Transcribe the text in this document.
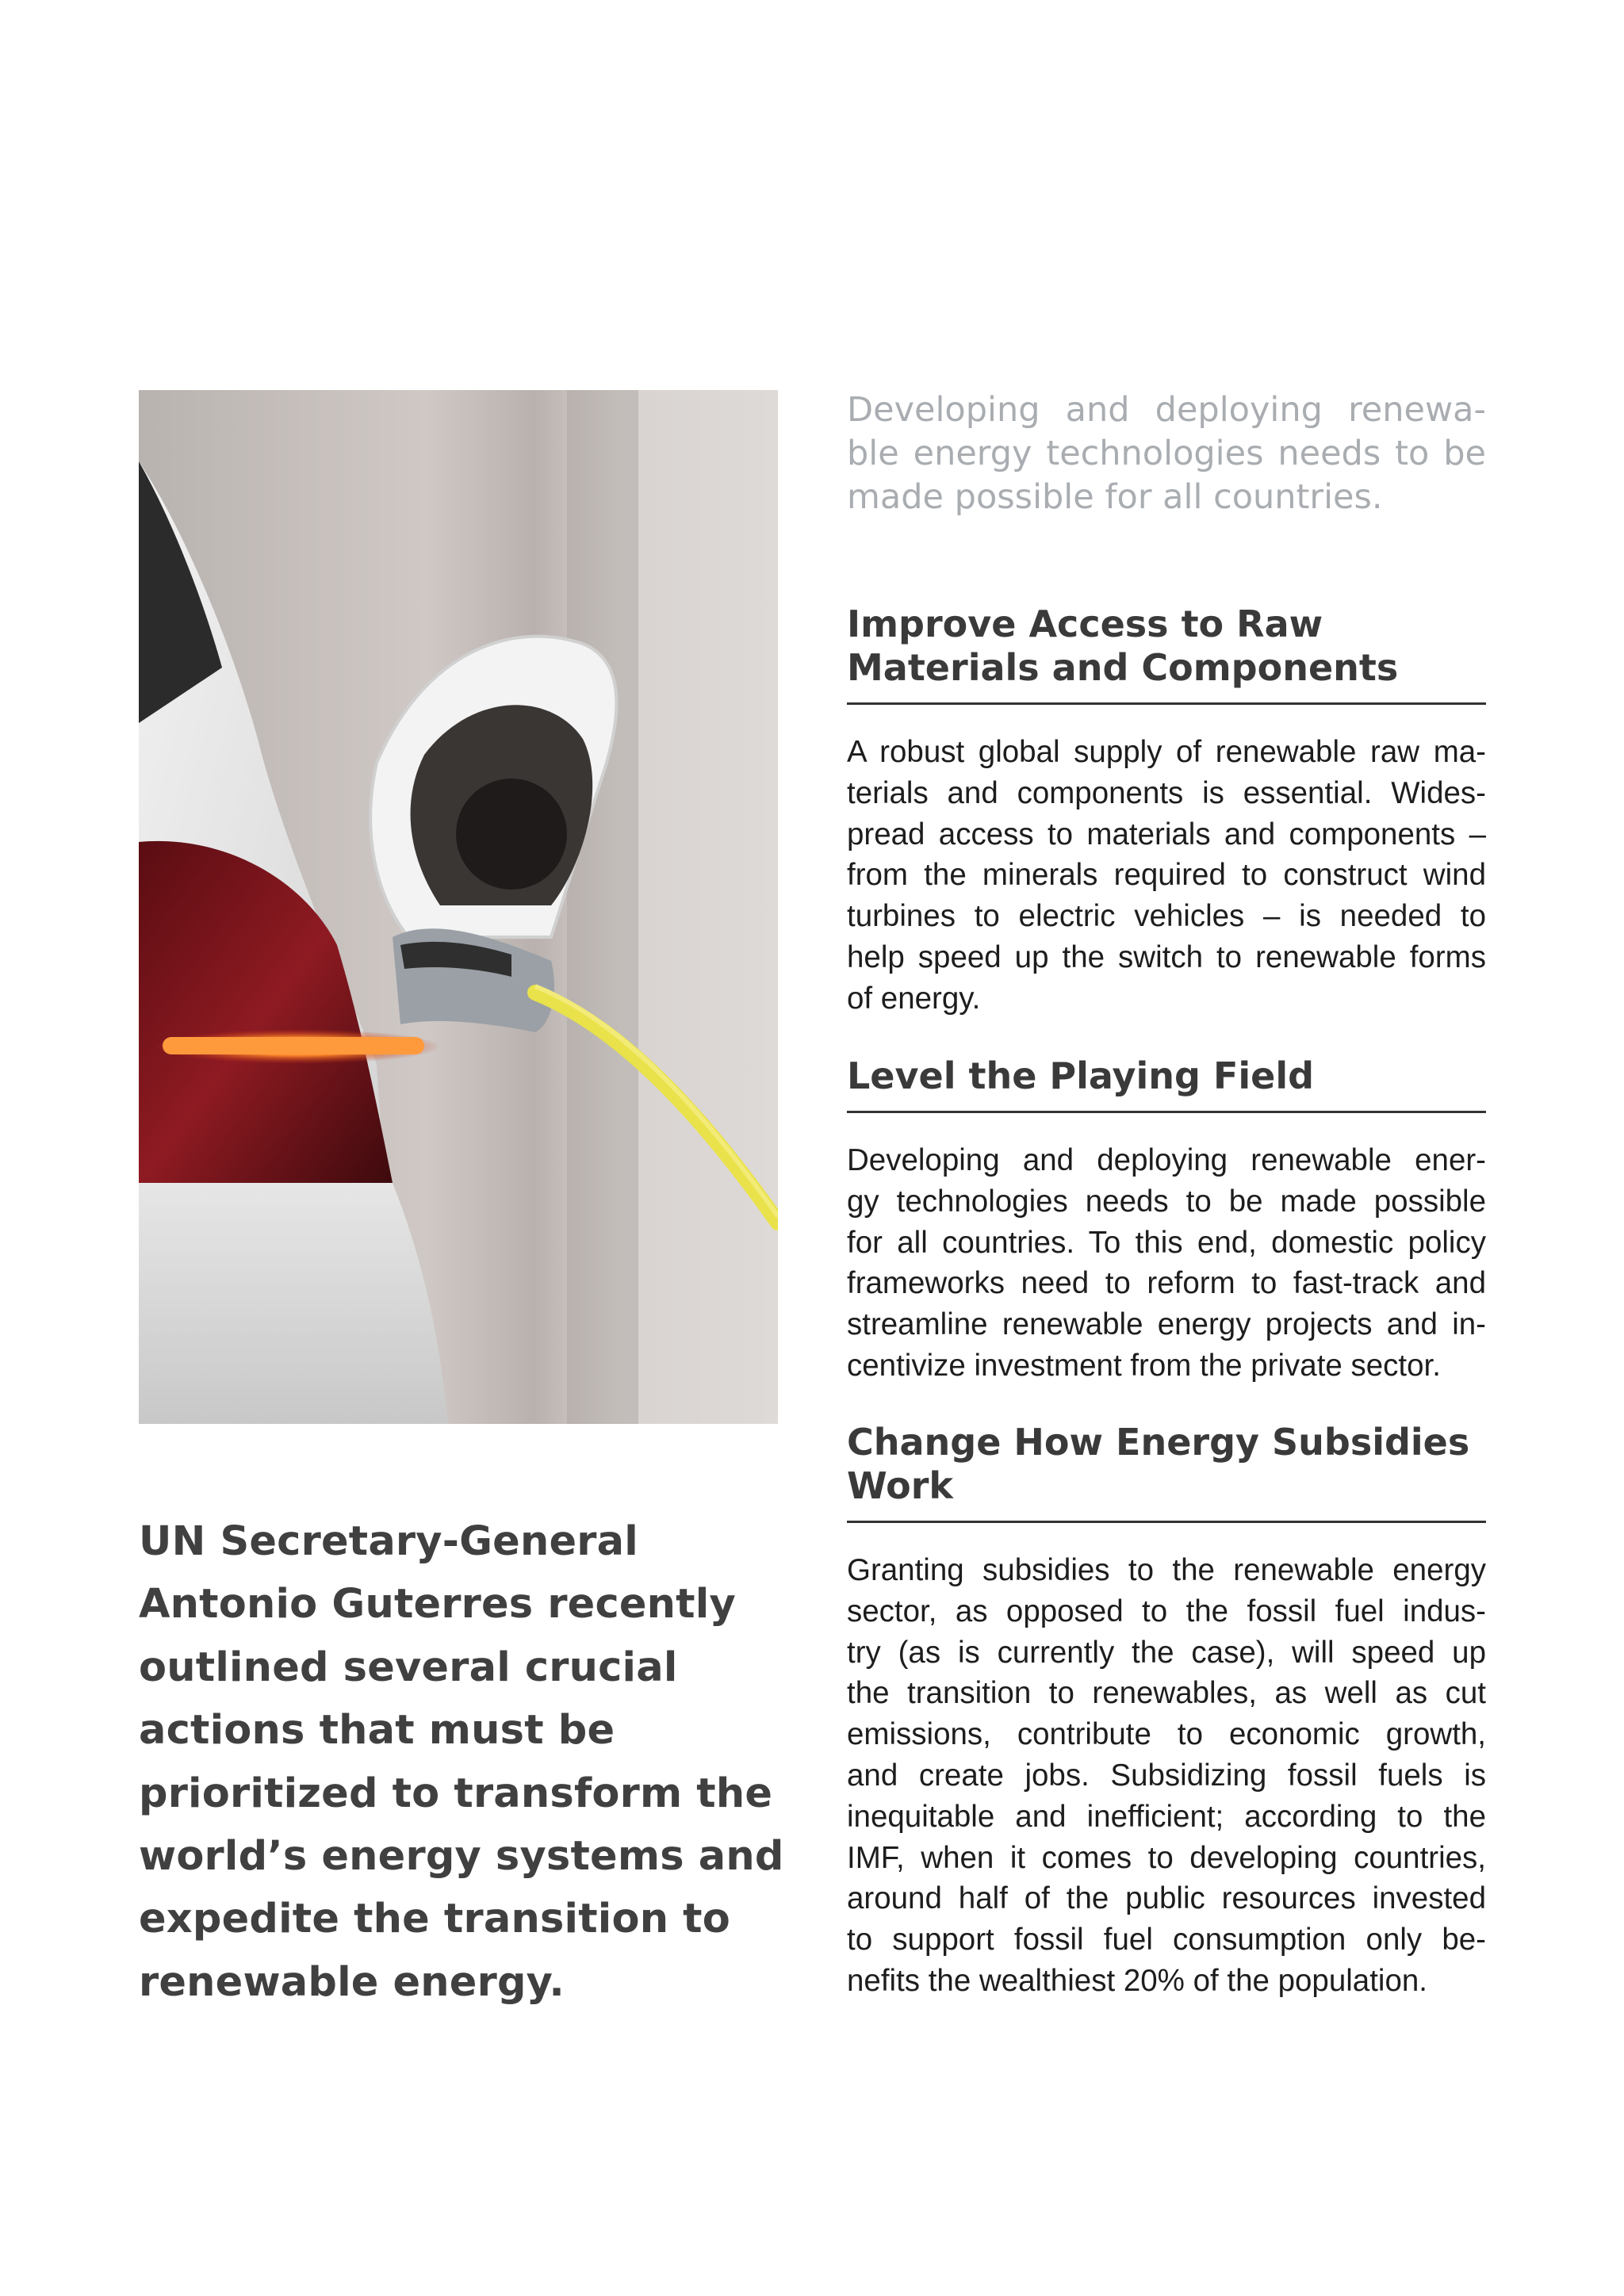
Developing and deploying renewa-
ble energy technologies needs to be
made possible for all countries.
Improve Access to Raw
Materials and Components
A robust global supply of renewable raw ma-
terials and components is essential. Wides-
pread access to materials and components –
from the minerals required to construct wind
turbines to electric vehicles – is needed to
help speed up the switch to renewable forms
of energy.
Level the Playing Field
Developing and deploying renewable ener-
gy technologies needs to be made possible
for all countries. To this end, domestic policy
frameworks need to reform to fast-track and
streamline renewable energy projects and in-
centivize investment from the private sector.
Change How Energy Subsidies
Work
Granting subsidies to the renewable energy
sector, as opposed to the fossil fuel indus-
try (as is currently the case), will speed up
the transition to renewables, as well as cut
emissions, contribute to economic growth,
and create jobs. Subsidizing fossil fuels is
inequitable and inefficient; according to the
IMF, when it comes to developing countries,
around half of the public resources invested
to support fossil fuel consumption only be-
nefits the wealthiest 20% of the population.
UN Secretary-General
Antonio Guterres recently
outlined several crucial
actions that must be
prioritized to transform the
world’s energy systems and
expedite the transition to
renewable energy.
